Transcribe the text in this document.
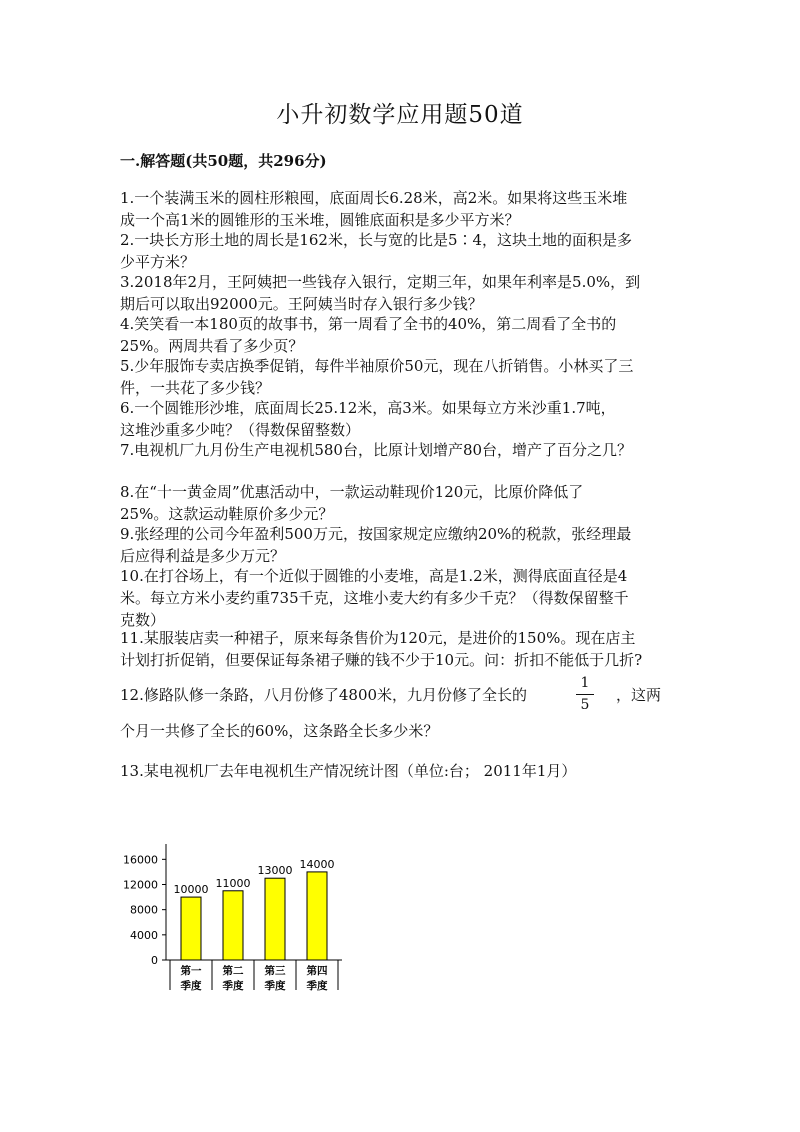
小升初数学应用题50道
一.解答题(共50题，共296分)
1.一个装满玉米的圆柱形粮囤，底面周长6.28米，高2米。如果将这些玉米堆
成一个高1米的圆锥形的玉米堆，圆锥底面积是多少平方米？
2.一块长方形土地的周长是162米，长与宽的比是5∶4，这块土地的面积是多
少平方米？
3.2018年2月，王阿姨把一些钱存入银行，定期三年，如果年利率是5.0%，到
期后可以取出92000元。王阿姨当时存入银行多少钱？
4.笑笑看一本180页的故事书，第一周看了全书的40%，第二周看了全书的
25%。两周共看了多少页？
5.少年服饰专卖店换季促销，每件半袖原价50元，现在八折销售。小林买了三
件，一共花了多少钱？
6.一个圆锥形沙堆，底面周长25.12米，高3米。如果每立方米沙重1.7吨，
这堆沙重多少吨？（得数保留整数）
7.电视机厂九月份生产电视机580台，比原计划增产80台，增产了百分之几？
8.在“十一黄金周”优惠活动中，一款运动鞋现价120元，比原价降低了
25%。这款运动鞋原价多少元？
9.张经理的公司今年盈利500万元，按国家规定应缴纳20%的税款，张经理最
后应得利益是多少万元？
10.在打谷场上，有一个近似于圆锥的小麦堆，高是1.2米，测得底面直径是4
米。每立方米小麦约重735千克，这堆小麦大约有多少千克？（得数保留整千
克数）
11.某服装店卖一种裙子，原来每条售价为120元，是进价的150%。现在店主
计划打折促销，但要保证每条裙子赚的钱不少于10元。问：折扣不能低于几折?
12.修路队修一条路，八月份修了4800米，九月份修了全长的
1
5
，这两
个月一共修了全长的60%，这条路全长多少米？
13.某电视机厂去年电视机生产情况统计图（单位:台； 2011年1月）
0
4000
8000
12000
16000
10000
第一
季度
11000
第二
季度
13000
第三
季度
14000
第四
季度
